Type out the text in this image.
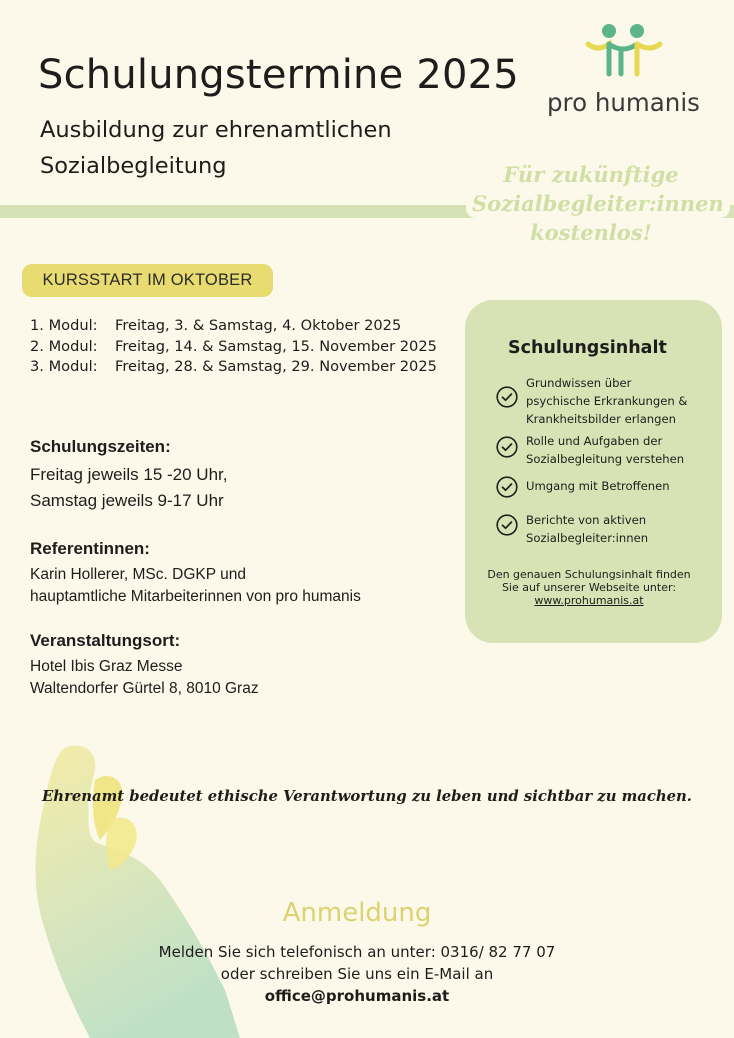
Schulungstermine 2025
Ausbildung zur ehrenamtlichen
Sozialbegleitung
pro humanis
Für zukünftige
Sozialbegleiter:innen
kostenlos!
KURSSTART IM OKTOBER
1. Modul:	Freitag, 3. & Samstag, 4. Oktober 2025
2. Modul:	Freitag, 14. & Samstag, 15. November 2025
3. Modul:	Freitag, 28. & Samstag, 29. November 2025
Schulungszeiten:
Freitag jeweils 15 -20 Uhr,
Samstag jeweils 9-17 Uhr
Referentinnen:
Karin Hollerer, MSc. DGKP und
hauptamtliche Mitarbeiterinnen von pro humanis
Veranstaltungsort:
Hotel Ibis Graz Messe
Waltendorfer Gürtel 8, 8010 Graz
Schulungsinhalt
Grundwissen über
psychische Erkrankungen &
Krankheitsbilder erlangen
Rolle und Aufgaben der
Sozialbegleitung verstehen
Umgang mit Betroffenen
Berichte von aktiven
Sozialbegleiter:innen
Den genauen Schulungsinhalt finden
Sie auf unserer Webseite unter:
www.prohumanis.at
Ehrenamt bedeutet ethische Verantwortung zu leben und sichtbar zu machen.
Anmeldung
Melden Sie sich telefonisch an unter: 0316/ 82 77 07
oder schreiben Sie uns ein E-Mail an
office@prohumanis.at
